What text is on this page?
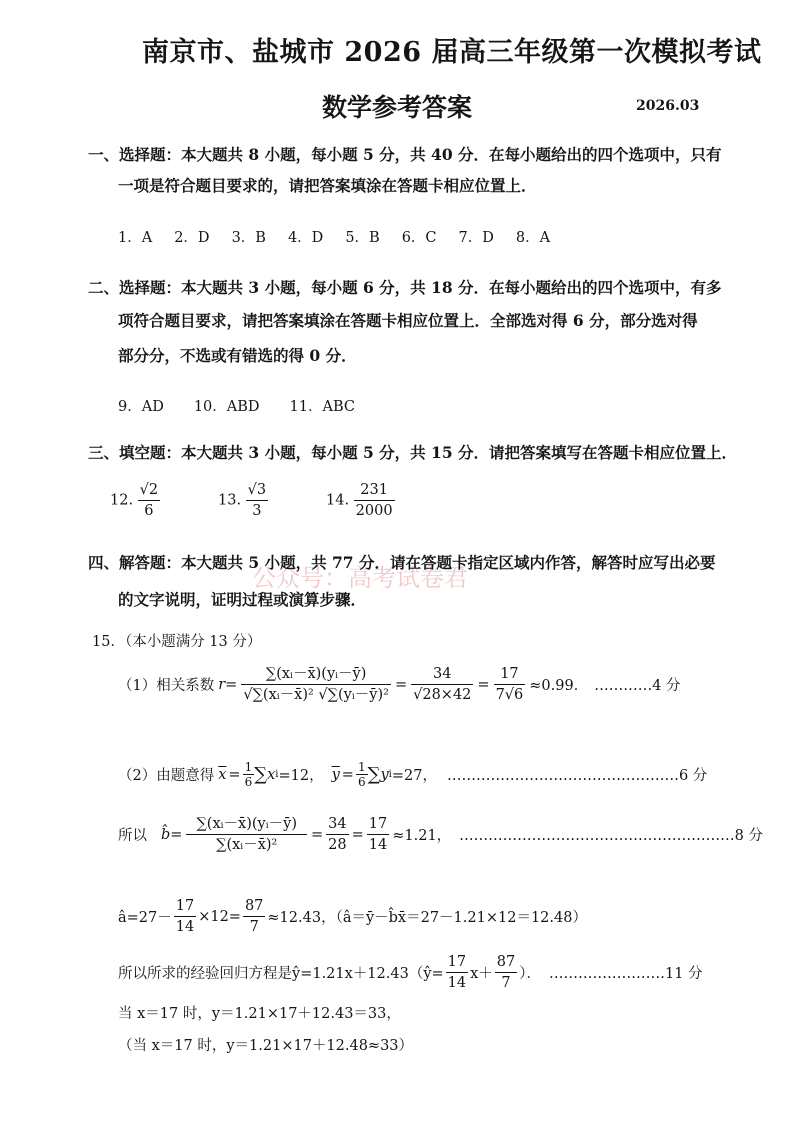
南京市、盐城市 2026 届高三年级第一次模拟考试
数学参考答案	2026.03
一、选择题：本大题共 8 小题，每小题 5 分，共 40 分．在每小题给出的四个选项中，只有
一项是符合题目要求的，请把答案填涂在答题卡相应位置上．
1．A 2．D 3．B 4．D 5．B 6．C 7．D 8．A
二、选择题：本大题共 3 小题，每小题 6 分，共 18 分．在每小题给出的四个选项中，有多
项符合题目要求，请把答案填涂在答题卡相应位置上．全部选对得 6 分，部分选对得
部分分，不选或有错选的得 0 分．
9．AD 10．ABD 11．ABC
三、填空题：本大题共 3 小题，每小题 5 分，共 15 分．请把答案填写在答题卡相应位置上．
12. $\frac{√2}{6}$	13. $\frac{√3}{3}$	14. $\frac{231}{2000}$
公众号：高考试卷君
四、解答题：本大题共 5 小题，共 77 分．请在答题卡指定区域内作答，解答时应写出必要
的文字说明，证明过程或演算步骤．
15．（本小题满分 13 分）
（1）相关系数 $r = \frac{\text{∑(xᵢ－x̄)(yᵢ－ȳ)}}{\text{√∑(xᵢ－x̄)² √∑(yᵢ－ȳ)²}} = \frac{34}{√28\times 42} = \frac{17}{7√6} \approx 0.99$． …………4 分
（2）由题意得 $\overline{x} = \frac{1}{6}$ ∑ x i =12， $\overline{y} = \frac{1}{6}$ ∑ y i =27， …………………………………………6 分
所以 b̂ = $\frac{\text{∑(xᵢ－x̄)(yᵢ－ȳ)}}{\text{∑(xᵢ－x̄)²}} = \frac{34}{28} = \frac{17}{14} \approx 1.21$， …………………………………………………8 分
â=27－ $\frac{17}{14} \times 12= \frac{87}{7} \approx 12.43$，（â＝ȳ－b̂x̄＝27－1.21×12＝12.48）
所以所求的经验回归方程是ŷ=1.21x＋12.43（ŷ= $\frac{17}{14} x+ \frac{87}{7}$ ）． ……………………11 分
当 x＝17 时，y＝1.21×17＋12.43＝33，
（当 x＝17 时，y＝1.21×17＋12.48≈33）
